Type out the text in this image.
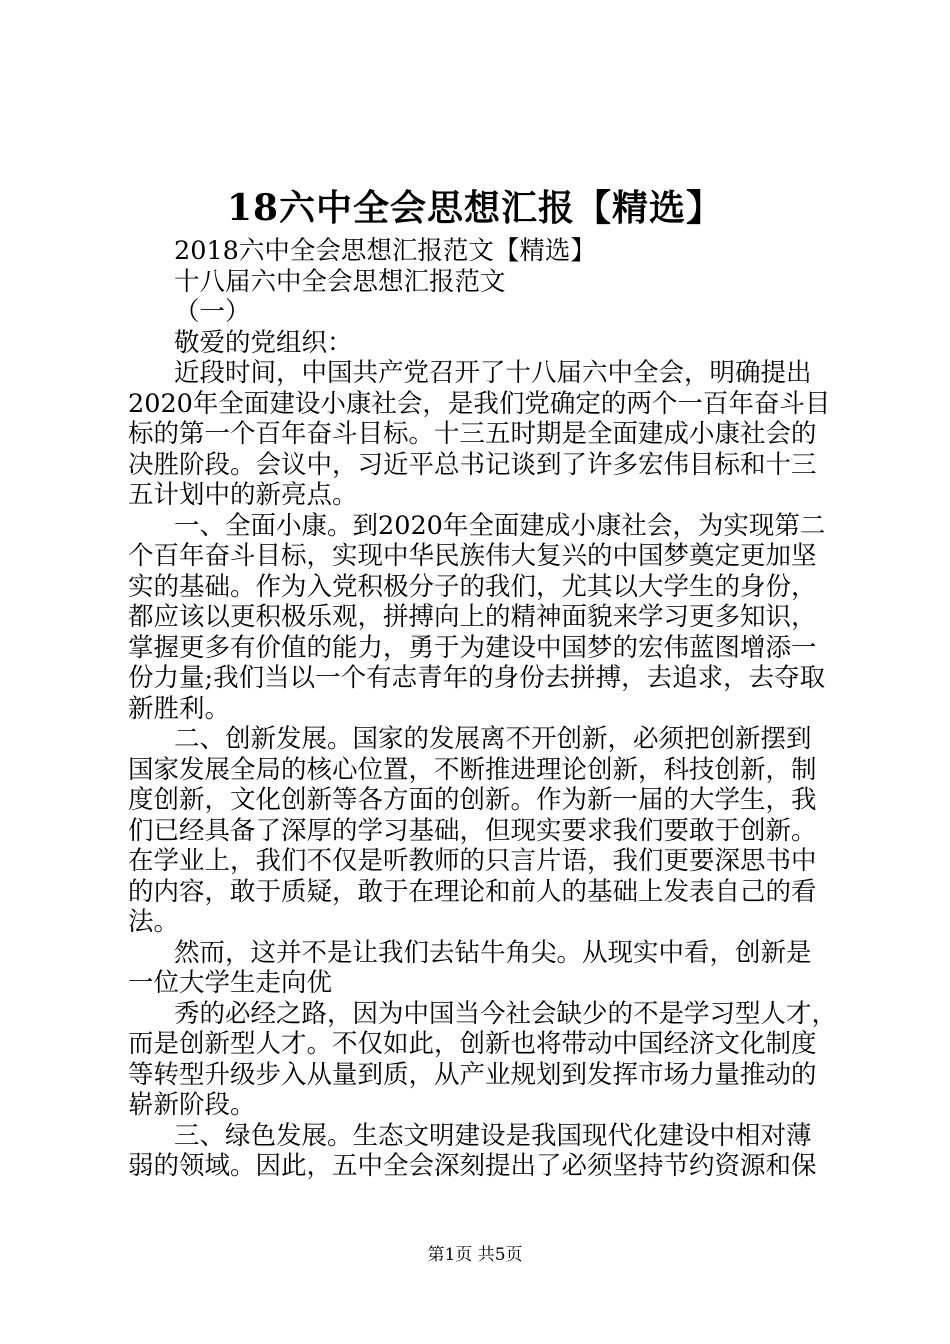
18六中全会思想汇报【精选】
2018六中全会思想汇报范文【精选】
十八届六中全会思想汇报范文
（一）
敬爱的党组织：
近段时间，中国共产党召开了十八届六中全会，明确提出
2020年全面建设小康社会，是我们党确定的两个一百年奋斗目
标的第一个百年奋斗目标。十三五时期是全面建成小康社会的
决胜阶段。会议中，习近平总书记谈到了许多宏伟目标和十三
五计划中的新亮点。
一、全面小康。到2020年全面建成小康社会，为实现第二
个百年奋斗目标，实现中华民族伟大复兴的中国梦奠定更加坚
实的基础。作为入党积极分子的我们，尤其以大学生的身份，
都应该以更积极乐观，拼搏向上的精神面貌来学习更多知识，
掌握更多有价值的能力，勇于为建设中国梦的宏伟蓝图增添一
份力量;我们当以一个有志青年的身份去拼搏，去追求，去夺取
新胜利。
二、创新发展。国家的发展离不开创新，必须把创新摆到
国家发展全局的核心位置，不断推进理论创新，科技创新，制
度创新，文化创新等各方面的创新。作为新一届的大学生，我
们已经具备了深厚的学习基础，但现实要求我们要敢于创新。
在学业上，我们不仅是听教师的只言片语，我们更要深思书中
的内容，敢于质疑，敢于在理论和前人的基础上发表自己的看
法。
然而，这并不是让我们去钻牛角尖。从现实中看，创新是
一位大学生走向优
秀的必经之路，因为中国当今社会缺少的不是学习型人才，
而是创新型人才。不仅如此，创新也将带动中国经济文化制度
等转型升级步入从量到质，从产业规划到发挥市场力量推动的
崭新阶段。
三、绿色发展。生态文明建设是我国现代化建设中相对薄
弱的领域。因此，五中全会深刻提出了必须坚持节约资源和保
第1页 共5页
